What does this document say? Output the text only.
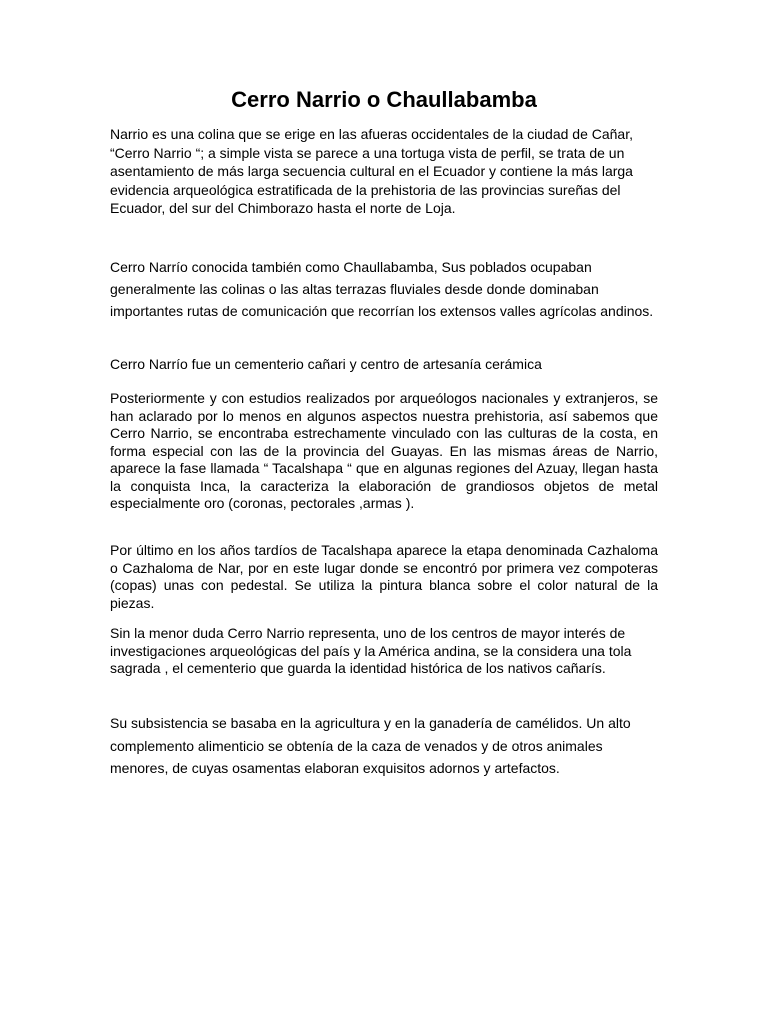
Cerro Narrio o Chaullabamba

Narrio es una colina que se erige en las afueras occidentales de la ciudad de Cañar, “Cerro Narrio “; a simple vista se parece a una tortuga vista de perfil, se trata de un asentamiento de más larga secuencia cultural en el Ecuador y contiene la más larga evidencia arqueológica estratificada de la prehistoria de las provincias sureñas del Ecuador, del sur del Chimborazo hasta el norte de Loja.

Cerro Narrío conocida también como Chaullabamba, Sus poblados ocupaban generalmente las colinas o las altas terrazas fluviales desde donde dominaban importantes rutas de comunicación que recorrían los extensos valles agrícolas andinos.

Cerro Narrío fue un cementerio cañari y centro de artesanía cerámica

Posteriormente y con estudios realizados por arqueólogos nacionales y extranjeros, se han aclarado por lo menos en algunos aspectos nuestra prehistoria, así sabemos que Cerro Narrio, se encontraba estrechamente vinculado con las culturas de la costa, en forma especial con las de la provincia del Guayas. En las mismas áreas de Narrio, aparece la fase llamada “ Tacalshapa “ que en algunas regiones del Azuay, llegan hasta la conquista Inca, la caracteriza la elaboración de grandiosos objetos de metal especialmente oro (coronas, pectorales ,armas ).

Por último en los años tardíos de Tacalshapa aparece la etapa denominada Cazhaloma o Cazhaloma de Nar, por en este lugar donde se encontró por primera vez compoteras (copas) unas con pedestal. Se utiliza la pintura blanca sobre el color natural de la piezas.

Sin la menor duda Cerro Narrio representa, uno de los centros de mayor interés de investigaciones arqueológicas del país y la América andina, se la considera una tola sagrada , el cementerio que guarda la identidad histórica de los nativos cañarís.

Su subsistencia se basaba en la agricultura y en la ganadería de camélidos. Un alto complemento alimenticio se obtenía de la caza de venados y de otros animales menores, de cuyas osamentas elaboran exquisitos adornos y artefactos.
